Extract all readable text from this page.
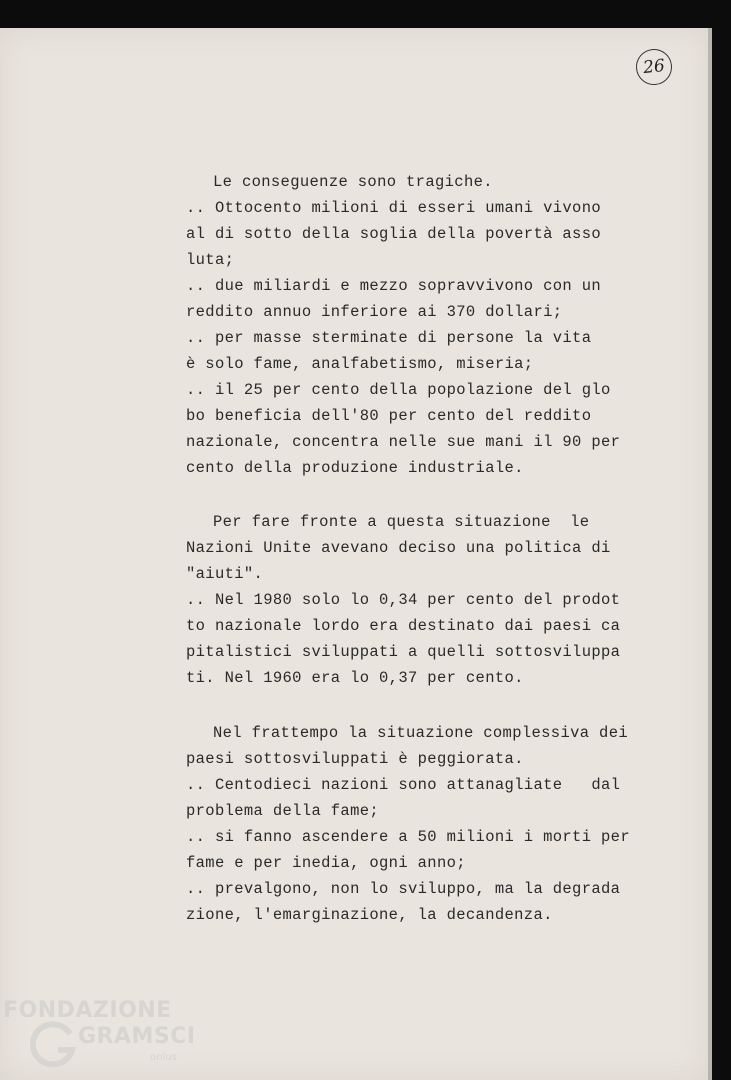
26
Le conseguenze sono tragiche.
.. Ottocento milioni di esseri umani vivono
al di sotto della soglia della povertà asso
luta;
.. due miliardi e mezzo sopravvivono con un
reddito annuo inferiore ai 370 dollari;
.. per masse sterminate di persone la vita
è solo fame, analfabetismo, miseria;
.. il 25 per cento della popolazione del glo
bo beneficia dell'80 per cento del reddito
nazionale, concentra nelle sue mani il 90 per
cento della produzione industriale.
Per fare fronte a questa situazione  le
Nazioni Unite avevano deciso una politica di
"aiuti".
.. Nel 1980 solo lo 0,34 per cento del prodot
to nazionale lordo era destinato dai paesi ca
pitalistici sviluppati a quelli sottosviluppa
ti. Nel 1960 era lo 0,37 per cento.
Nel frattempo la situazione complessiva dei
paesi sottosviluppati è peggiorata.
.. Centodieci nazioni sono attanagliate   dal
problema della fame;
.. si fanno ascendere a 50 milioni i morti per
fame e per inedia, ogni anno;
.. prevalgono, non lo sviluppo, ma la degrada
zione, l'emarginazione, la decandenza.
FONDAZIONE
GRAMSCI
onlus
